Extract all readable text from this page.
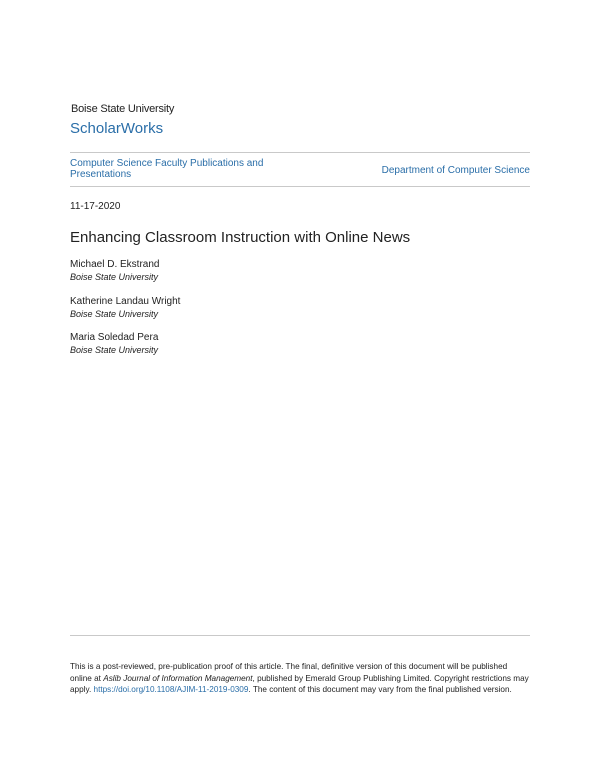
Boise State University
ScholarWorks
Computer Science Faculty Publications and Presentations	Department of Computer Science
11-17-2020
Enhancing Classroom Instruction with Online News
Michael D. Ekstrand
Boise State University
Katherine Landau Wright
Boise State University
Maria Soledad Pera
Boise State University
This is a post-reviewed, pre-publication proof of this article. The final, definitive version of this document will be published online at Aslib Journal of Information Management, published by Emerald Group Publishing Limited. Copyright restrictions may apply. https://doi.org/10.1108/AJIM-11-2019-0309. The content of this document may vary from the final published version.
